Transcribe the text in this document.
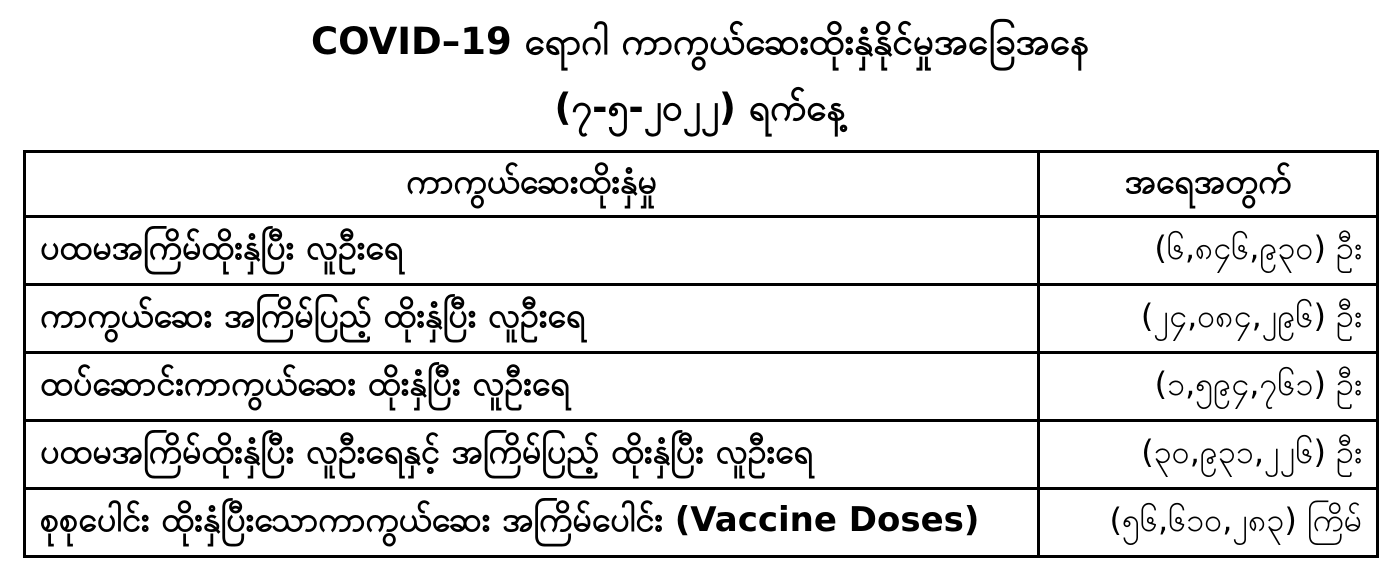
COVID–19 ရောဂါ ကာကွယ်ဆေးထိုးနှံနိုင်မှုအခြေအနေ
(၇-၅-၂၀၂၂) ရက်နေ့
ကာကွယ်ဆေးထိုးနှံမှု	အရေအတွက်
ပထမအကြိမ်ထိုးနှံပြီး လူဦးရေ	(၆,၈၄၆,၉၃၀) ဦး
ကာကွယ်ဆေး အကြိမ်ပြည့် ထိုးနှံပြီး လူဦးရေ	(၂၄,၀၈၄,၂၉၆) ဦး
ထပ်ဆောင်းကာကွယ်ဆေး ထိုးနှံပြီး လူဦးရေ	(၁,၅၉၄,၇၆၁) ဦး
ပထမအကြိမ်ထိုးနှံပြီး လူဦးရေနှင့် အကြိမ်ပြည့် ထိုးနှံပြီး လူဦးရေ	(၃၀,၉၃၁,၂၂၆) ဦး
စုစုပေါင်း ထိုးနှံပြီးသောကာကွယ်ဆေး အကြိမ်ပေါင်း (Vaccine Doses)	(၅၆,၆၁၀,၂၈၃) ကြိမ်
